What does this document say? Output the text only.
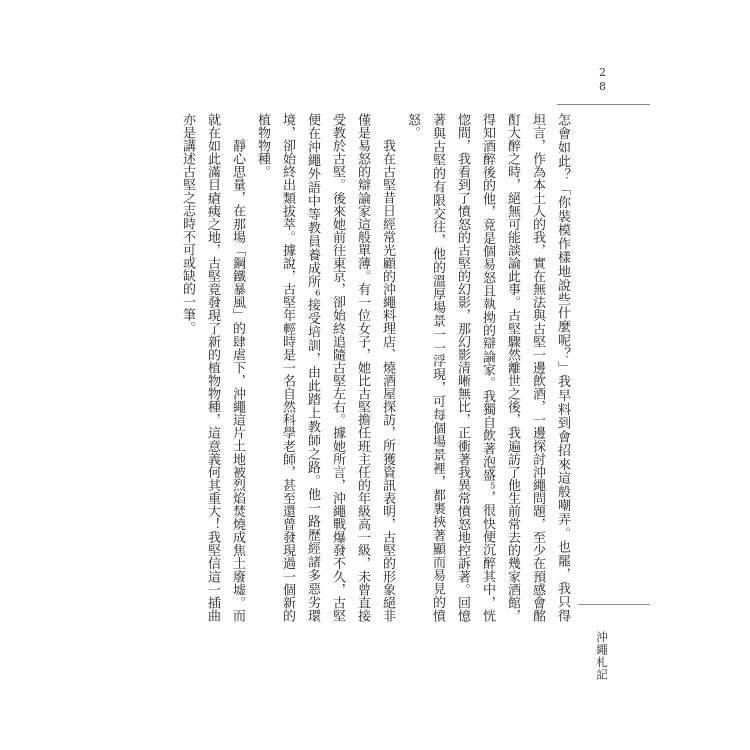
28
怎會如此？「你裝模作樣地說些什麼呢？」我早料到會招來這般嘲弄。也罷，我只得
坦言，作為本土人的我，實在無法與古堅一邊飲酒，一邊探討沖繩問題，至少在預感會酩
酊大醉之時，絕無可能談論此事。古堅驟然離世之後，我遍訪了他生前常去的幾家酒館，
得知酒醉後的他，竟是個易怒且執拗的辯論家。我獨自飲著泡盛$^5$，很快便沉醉其中，恍
惚間，我看到了憤怒的古堅的幻影，那幻影清晰無比，正衝著我異常憤怒地控訴著。回憶
著與古堅的有限交往，他的溫厚場景一一浮現，可每個場景裡，都裹挾著顯而易見的憤
怒。
我在古堅昔日經常光顧的沖繩料理店、燒酒屋探訪，所獲資訊表明，古堅的形象絕非
僅是易怒的辯論家這般單薄。有一位女子，她比古堅擔任班主任的年級高一級，未曾直接
受教於古堅。後來她前往東京，卻始終追隨古堅左右。據她所言，沖繩戰爆發不久，古堅
便在沖繩外語中等教員養成所$^6$接受培訓，由此踏上教師之路。他一路歷經諸多惡劣環
境，卻始終出類拔萃。據說，古堅年輕時是一名自然科學老師，甚至還曾發現過一個新的
植物物種。
靜心思量，在那場「鋼鐵暴風」的肆虐下，沖繩這片土地被烈焰焚燒成焦土廢墟。而
就在如此滿目瘡痍之地，古堅竟發現了新的植物物種，這意義何其重大！我堅信這一插曲
亦是講述古堅之志時不可或缺的一筆。
沖繩札記
